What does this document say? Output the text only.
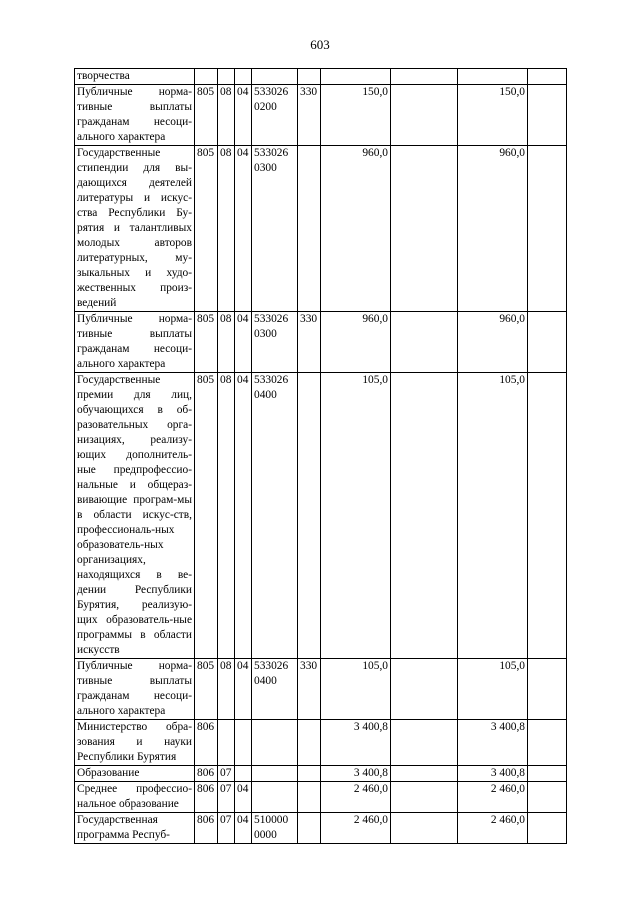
603
творчества									
Публичные норма-тивные выплаты гражданам несоци-ального характера	805	08	04	533026 0200	330	150,0		150,0	
Государственные стипендии для вы-дающихся деятелей литературы и искус-ства Республики Бу-рятия и талантливых молодых авторов литературных, му-зыкальных и худо-жественных произ-ведений	805	08	04	533026 0300		960,0		960,0	
Публичные норма-тивные выплаты гражданам несоци-ального характера	805	08	04	533026 0300	330	960,0		960,0	
Государственные премии для лиц, обучающихся в об-разовательных орга-низациях, реализу-ющих дополнитель-ные предпрофессио-нальные и общераз-вивающие програм-мы в области искус-ств, профессиональ-ных образователь-ных организациях, находящихся в ве-дении Республики Бурятия, реализую-щих образователь-ные программы в области искусств	805	08	04	533026 0400		105,0		105,0	
Публичные норма-тивные выплаты гражданам несоци-ального характера	805	08	04	533026 0400	330	105,0		105,0	
Министерство обра-зования и науки Республики Бурятия	806					3 400,8		3 400,8	
Образование	806	07				3 400,8		3 400,8	
Среднее профессио-нальное образование	806	07	04			2 460,0		2 460,0	
Государственная программа Респуб-	806	07	04	510000 0000		2 460,0		2 460,0	
